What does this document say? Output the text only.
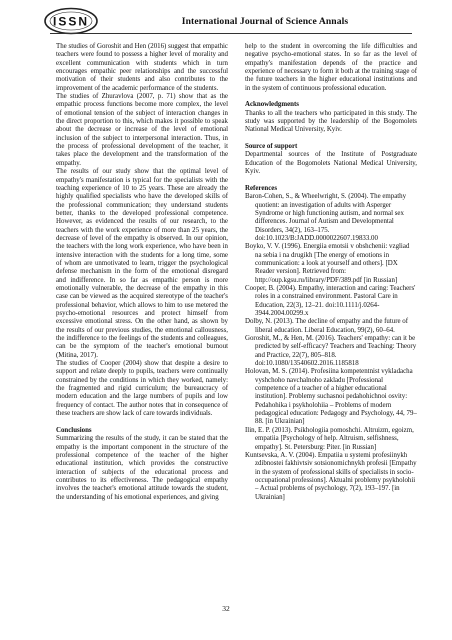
ISSN	International Journal of Science Annals

The studies of Goroshit and Hen (2016) suggest that empathic teachers were found to possess a higher level of morality and excellent communication with students which in turn encourages empathic peer relationships and the successful motivation of their students and also contributes to the improvement of the academic performance of the students.

The studies of Zhuravlova (2007, p. 71) show that as the empathic process functions become more complex, the level of emotional tension of the subject of interaction changes in the direct proportion to this, which makes it possible to speak about the decrease or increase of the level of emotional inclusion of the subject to interpersonal interaction. Thus, in the process of professional development of the teacher, it takes place the development and the transformation of the empathy.

The results of our study show that the optimal level of empathy's manifestation is typical for the specialists with the teaching experience of 10 to 25 years. These are already the highly qualified specialists who have the developed skills of the professional communication; they understand students better, thanks to the developed professional competence. However, as evidenced the results of our research, to the teachers with the work experience of more than 25 years, the decrease of level of the empathy is observed. In our opinion, the teachers with the long work experience, who have been in intensive interaction with the students for a long time, some of whom are unmotivated to learn, trigger the psychological defense mechanism in the form of the emotional disregard and indifference. In so far as empathic person is more emotionally vulnerable, the decrease of the empathy in this case can be viewed as the acquired stereotype of the teacher's professional behavior, which allows to him to use metered the psycho-emotional resources and protect himself from excessive emotional stress. On the other hand, as shown by the results of our previous studies, the emotional callousness, the indifference to the feelings of the students and colleagues, can be the symptom of the teacher's emotional burnout (Mitina, 2017).

The studies of Cooper (2004) show that despite a desire to support and relate deeply to pupils, teachers were continually constrained by the conditions in which they worked, namely: the fragmented and rigid curriculum; the bureaucracy of modern education and the large numbers of pupils and low frequency of contact. The author notes that in consequence of these teachers are show lack of care towards individuals.

Conclusions

Summarizing the results of the study, it can be stated that the empathy is the important component in the structure of the professional competence of the teacher of the higher educational institution, which provides the constructive interaction of subjects of the educational process and contributes to its effectiveness. The pedagogical empathy involves the teacher's emotional attitude towards the student, the understanding of his emotional experiences, and giving

help to the student in overcoming the life difficulties and negative psycho-emotional states. In so far as the level of empathy's manifestation depends of the practice and experience of necessary to form it both at the training stage of the future teachers in the higher educational institutions and in the system of continuous professional education.

Acknowledgments

Thanks to all the teachers who participated in this study. The study was supported by the leadership of the Bogomolets National Medical University, Kyiv.

Source of support

Departmental sources of the Institute of Postgraduate Education of the Bogomolets National Medical University, Kyiv.

References

Baron-Cohen, S., & Wheelwright, S. (2004). The empathy quotient: an investigation of adults with Asperger Syndrome or high functioning autism, and normal sex differences. Journal of Autism and Developmental Disorders, 34(2), 163–175. doi:10.1023/B:JADD.0000022607.19833.00

Boyko, V. V. (1996). Energiia emotsii v obshchenii: vzgliad na sebia i na drugikh [The energy of emotions in communication: a look at yourself and others]. [DX Reader version]. Retrieved from: http://oup.kgsu.ru/library/PDF/389.pdf [in Russian]

Cooper, B. (2004). Empathy, interaction and caring: Teachers' roles in a constrained environment. Pastoral Care in Education, 22(3), 12–21. doi:10.1111/j.0264-3944.2004.00299.x

Dolby, N. (2013). The decline of empathy and the future of liberal education. Liberal Education, 99(2), 60–64.

Goroshit, M., & Hen, M. (2016). Teachers' empathy: can it be predicted by self-efficacy? Teachers and Teaching: Theory and Practice, 22(7), 805–818. doi:10.1080/13540602.2016.1185818

Holovan, M. S. (2014). Profesiina kompetentnist vykladacha vyshchoho navchalnoho zakladu [Professional competence of a teacher of a higher educational institution]. Problemy suchasnoi pedahohichnoi osvity: Pedahohika i psykholohiia – Problems of modern pedagogical education: Pedagogy and Psychology, 44, 79–88. [in Ukrainian]

Ilin, E. P. (2013). Psikhologiia pomoshchi. Altruizm, egoizm, empatiia [Psychology of help. Altruism, selfishness, empathy]. St. Petersburg: Piter. [in Russian]

Kuntsevska, A. V. (2004). Empatiia u systemi profesiinykh zdibnostei fakhivtsiv sotsionomichnykh profesii [Empathy in the system of professional skills of specialists in socio-occupational professions]. Aktualni problemy psykholohii – Actual problems of psychology, 7(2), 193–197. [in Ukrainian]

32
